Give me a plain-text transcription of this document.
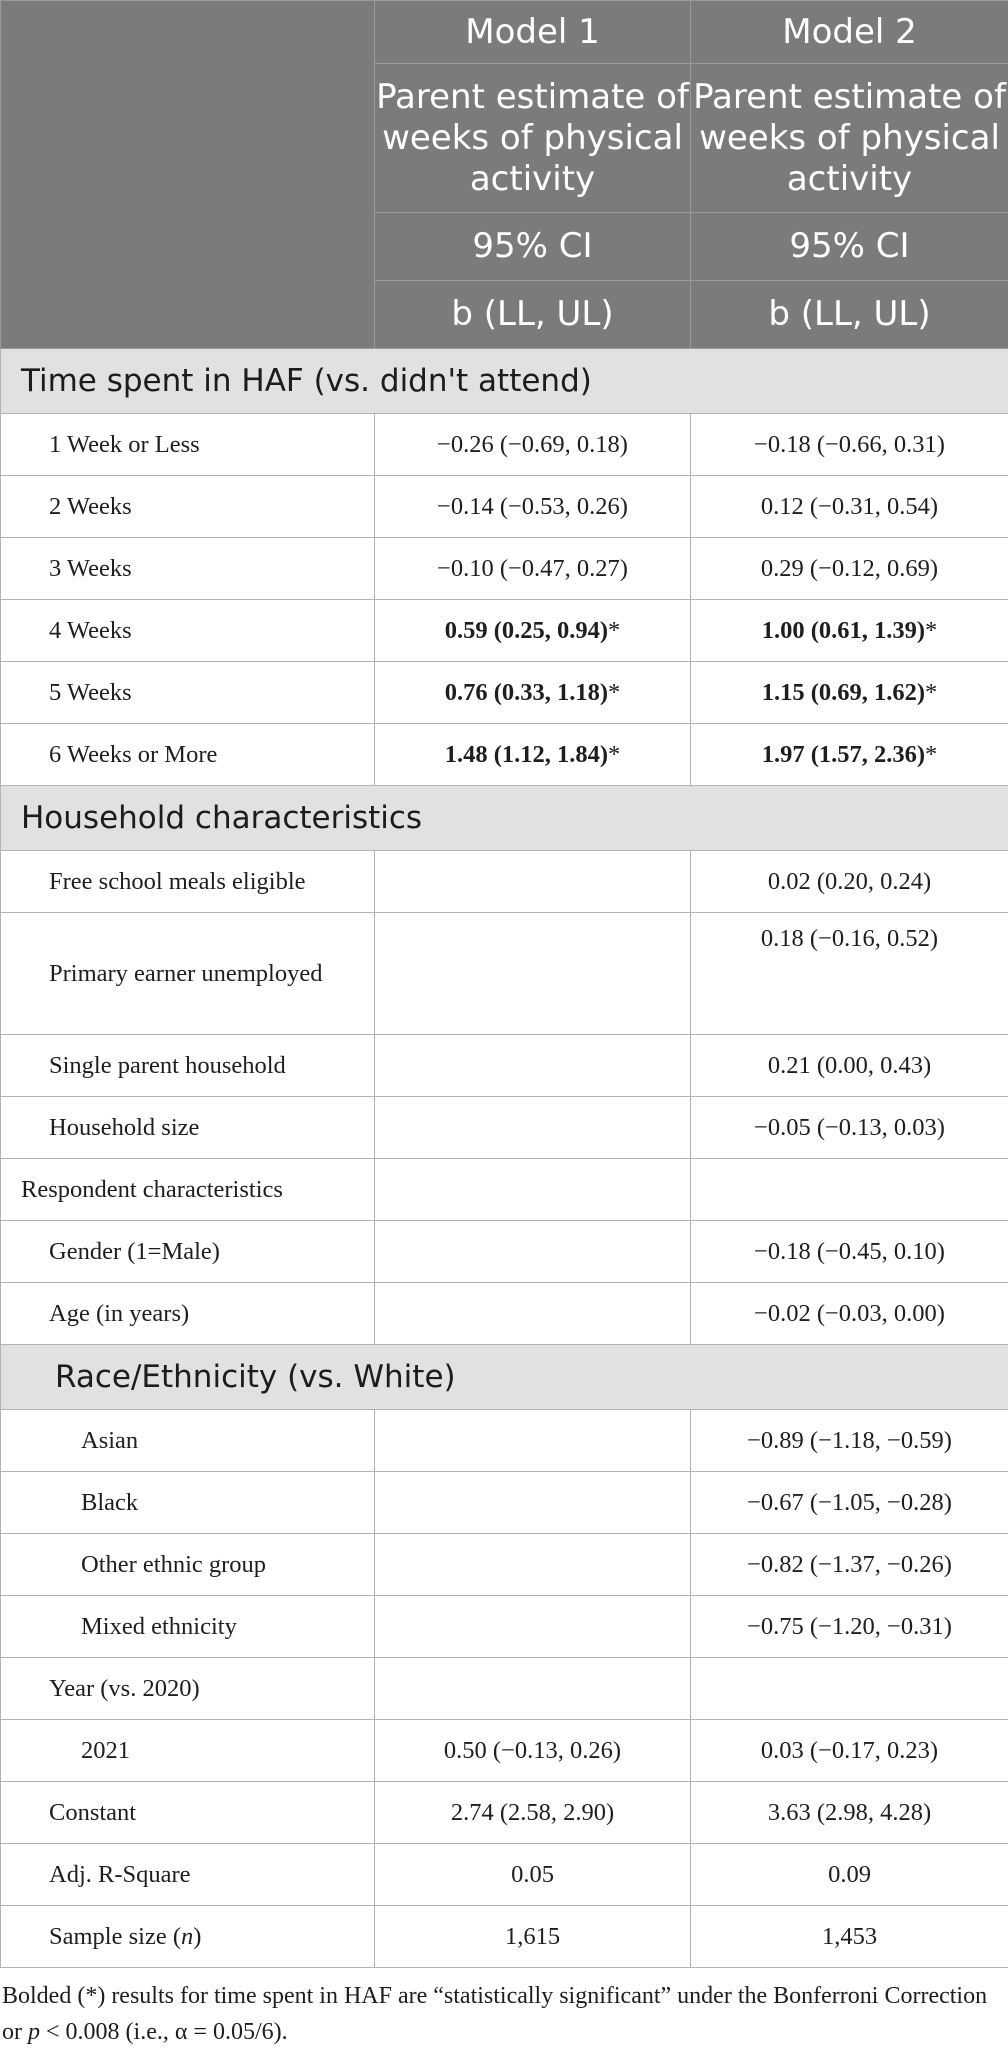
	Model 1	Model 2
	Parent estimate of weeks of physical activity	Parent estimate of weeks of physical activity
	95% CI	95% CI
	b (LL, UL)	b (LL, UL)
Time spent in HAF (vs. didn't attend)		
1 Week or Less	−0.26 (−0.69, 0.18)	−0.18 (−0.66, 0.31)
2 Weeks	−0.14 (−0.53, 0.26)	0.12 (−0.31, 0.54)
3 Weeks	−0.10 (−0.47, 0.27)	0.29 (−0.12, 0.69)
4 Weeks	0.59 (0.25, 0.94)*	1.00 (0.61, 1.39)*
5 Weeks	0.76 (0.33, 1.18)*	1.15 (0.69, 1.62)*
6 Weeks or More	1.48 (1.12, 1.84)*	1.97 (1.57, 2.36)*
Household characteristics		
Free school meals eligible		0.02 (0.20, 0.24)
Primary earner unemployed		0.18 (−0.16, 0.52)
Single parent household		0.21 (0.00, 0.43)
Household size		−0.05 (−0.13, 0.03)
Respondent characteristics		
Gender (1=Male)		−0.18 (−0.45, 0.10)
Age (in years)		−0.02 (−0.03, 0.00)
Race/Ethnicity (vs. White)		
Asian		−0.89 (−1.18, −0.59)
Black		−0.67 (−1.05, −0.28)
Other ethnic group		−0.82 (−1.37, −0.26)
Mixed ethnicity		−0.75 (−1.20, −0.31)
Year (vs. 2020)		
2021	0.50 (−0.13, 0.26)	0.03 (−0.17, 0.23)
Constant	2.74 (2.58, 2.90)	3.63 (2.98, 4.28)
Adj. R-Square	0.05	0.09
Sample size (n)	1,615	1,453

Bolded (*) results for time spent in HAF are “statistically significant” under the Bonferroni Correction or p < 0.008 (i.e., α = 0.05/6).
